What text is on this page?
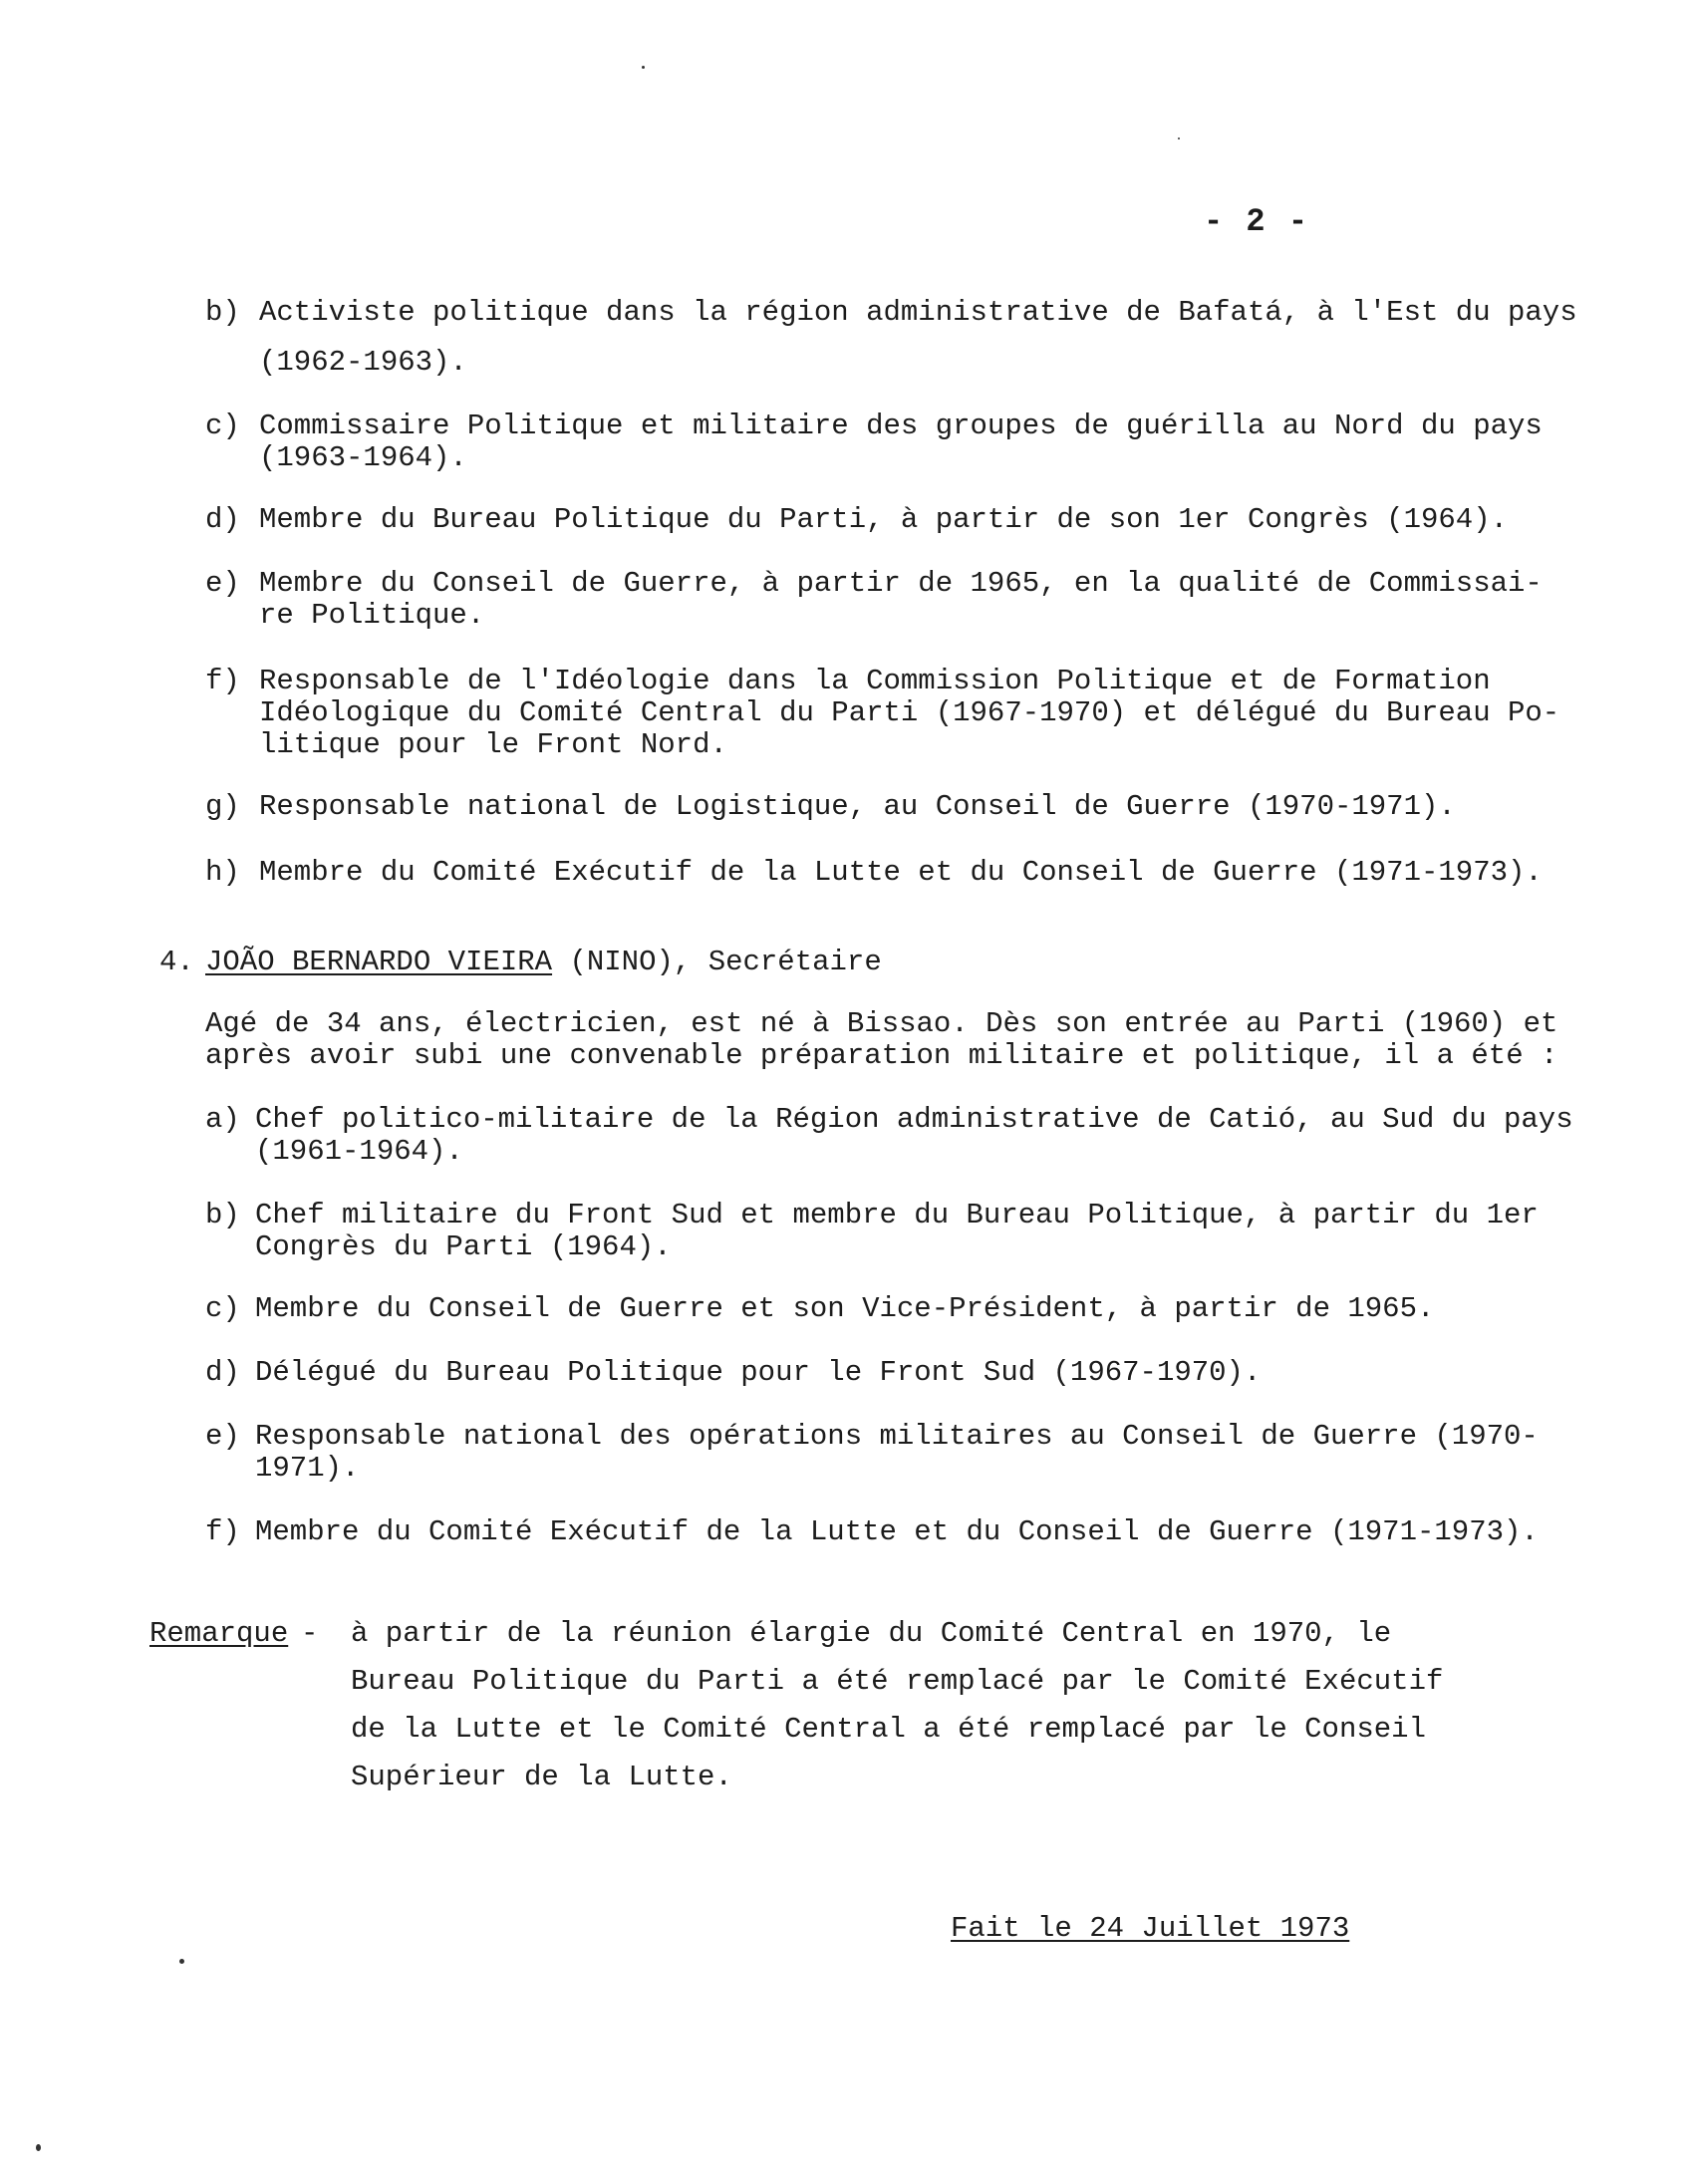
- 2 -
b) Activiste politique dans la région administrative de Bafatá, à l'Est du pays
(1962-1963).
c) Commissaire Politique et militaire des groupes de guérilla au Nord du pays
(1963-1964).
d) Membre du Bureau Politique du Parti, à partir de son 1er Congrès (1964).
e) Membre du Conseil de Guerre, à partir de 1965, en la qualité de Commissai-
re Politique.
f) Responsable de l'Idéologie dans la Commission Politique et de Formation
Idéologique du Comité Central du Parti (1967-1970) et délégué du Bureau Po-
litique pour le Front Nord.
g) Responsable national de Logistique, au Conseil de Guerre (1970-1971).
h) Membre du Comité Exécutif de la Lutte et du Conseil de Guerre (1971-1973).
4. JOÃO BERNARDO VIEIRA (NINO), Secrétaire
Agé de 34 ans, électricien, est né à Bissao. Dès son entrée au Parti (1960) et
après avoir subi une convenable préparation militaire et politique, il a été :
a) Chef politico-militaire de la Région administrative de Catió, au Sud du pays
(1961-1964).
b) Chef militaire du Front Sud et membre du Bureau Politique, à partir du 1er
Congrès du Parti (1964).
c) Membre du Conseil de Guerre et son Vice-Président, à partir de 1965.
d) Délégué du Bureau Politique pour le Front Sud (1967-1970).
e) Responsable national des opérations militaires au Conseil de Guerre (1970-
1971).
f) Membre du Comité Exécutif de la Lutte et du Conseil de Guerre (1971-1973).
Remarque - à partir de la réunion élargie du Comité Central en 1970, le
Bureau Politique du Parti a été remplacé par le Comité Exécutif
de la Lutte et le Comité Central a été remplacé par le Conseil
Supérieur de la Lutte.
Fait le 24 Juillet 1973
